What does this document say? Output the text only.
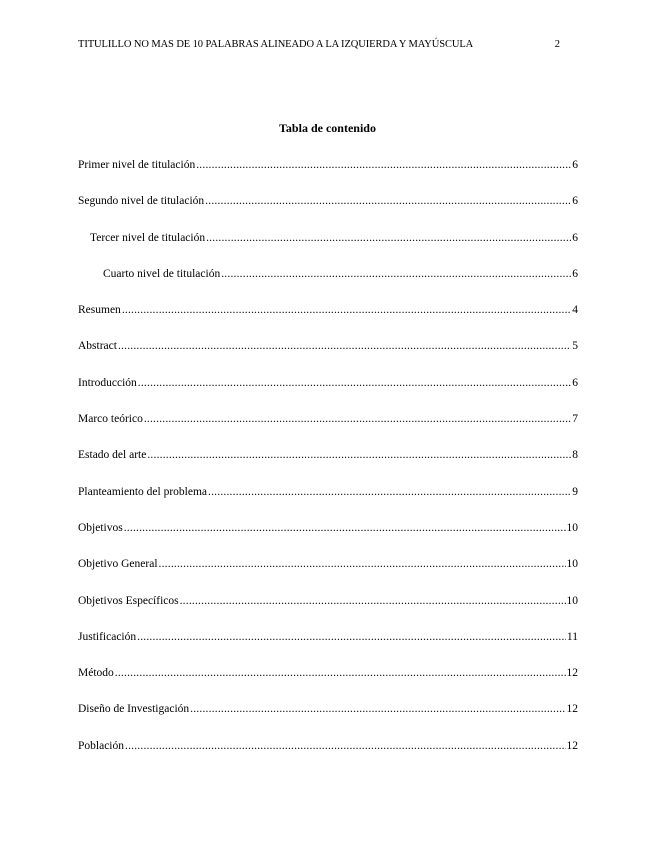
TITULILLO NO MAS DE 10 PALABRAS ALINEADO A LA IZQUIERDA Y MAYÚSCULA	2
Tabla de contenido
Primer nivel de titulación .....	6
Segundo nivel de titulación .....	6
Tercer nivel de titulación .....	6
Cuarto nivel de titulación .....	6
Resumen .....	4
Abstract .....	5
Introducción .....	6
Marco teórico .....	7
Estado del arte .....	8
Planteamiento del problema .....	9
Objetivos .....	10
Objetivo General .....	10
Objetivos Específicos .....	10
Justificación .....	11
Método .....	12
Diseño de Investigación .....	12
Población .....	12
